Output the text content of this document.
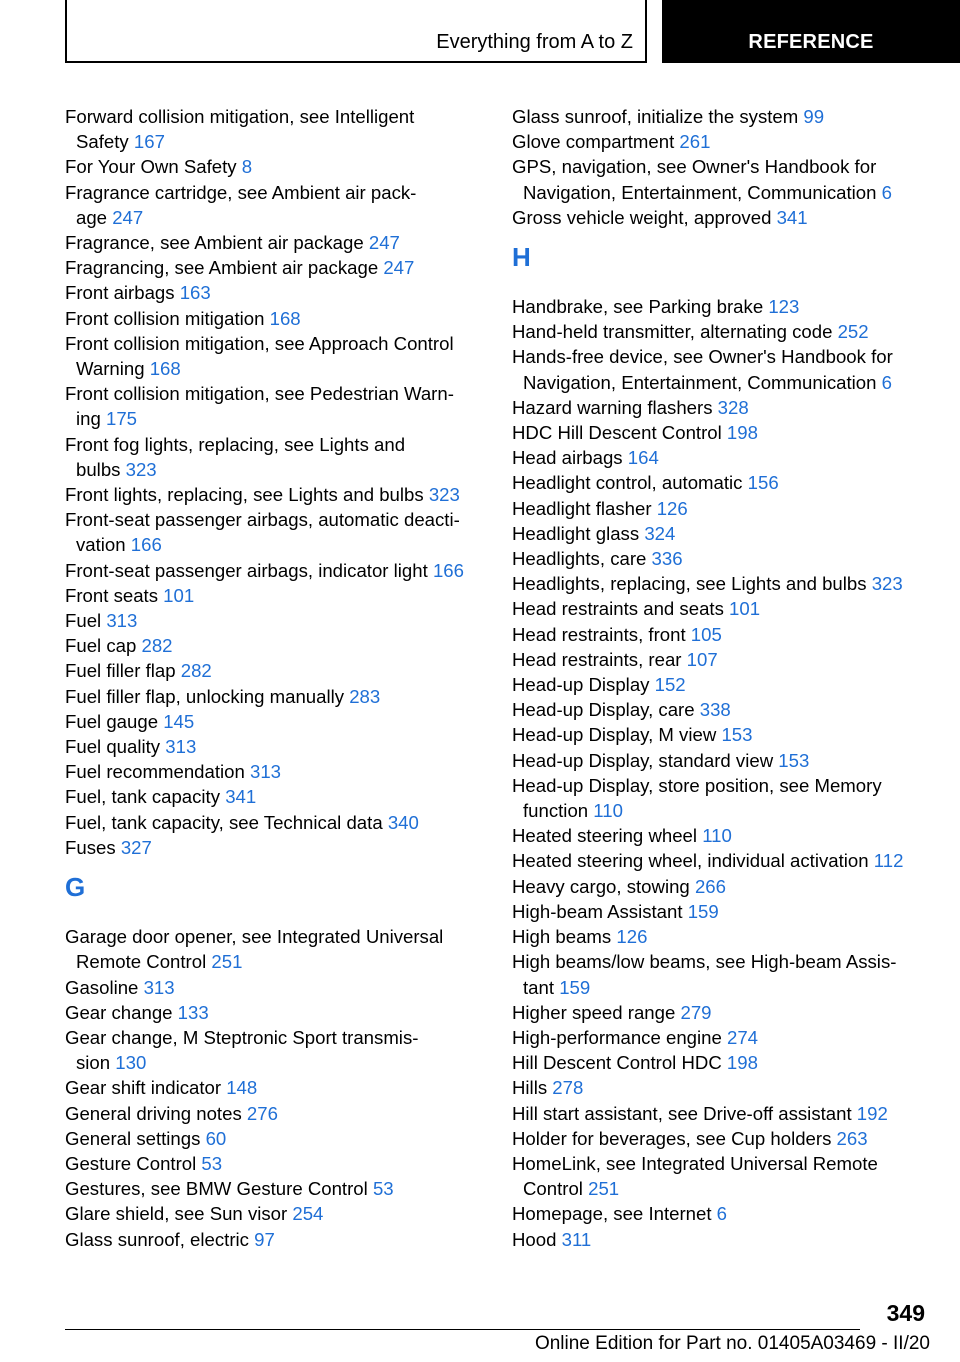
Everything from A to Z	REFERENCE
Forward collision mitigation, see Intelligent
Safety 167
For Your Own Safety 8
Fragrance cartridge, see Ambient air pack‐
age 247
Fragrance, see Ambient air package 247
Fragrancing, see Ambient air package 247
Front airbags 163
Front collision mitigation 168
Front collision mitigation, see Approach Control
Warning 168
Front collision mitigation, see Pedestrian Warn‐
ing 175
Front fog lights, replacing, see Lights and
bulbs 323
Front lights, replacing, see Lights and bulbs 323
Front-seat passenger airbags, automatic deacti‐
vation 166
Front-seat passenger airbags, indicator light 166
Front seats 101
Fuel 313
Fuel cap 282
Fuel filler flap 282
Fuel filler flap, unlocking manually 283
Fuel gauge 145
Fuel quality 313
Fuel recommendation 313
Fuel, tank capacity 341
Fuel, tank capacity, see Technical data 340
Fuses 327
G
Garage door opener, see Integrated Universal
Remote Control 251
Gasoline 313
Gear change 133
Gear change, M Steptronic Sport transmis‐
sion 130
Gear shift indicator 148
General driving notes 276
General settings 60
Gesture Control 53
Gestures, see BMW Gesture Control 53
Glare shield, see Sun visor 254
Glass sunroof, electric 97
Glass sunroof, initialize the system 99
Glove compartment 261
GPS, navigation, see Owner's Handbook for
Navigation, Entertainment, Communication 6
Gross vehicle weight, approved 341
H
Handbrake, see Parking brake 123
Hand-held transmitter, alternating code 252
Hands-free device, see Owner's Handbook for
Navigation, Entertainment, Communication 6
Hazard warning flashers 328
HDC Hill Descent Control 198
Head airbags 164
Headlight control, automatic 156
Headlight flasher 126
Headlight glass 324
Headlights, care 336
Headlights, replacing, see Lights and bulbs 323
Head restraints and seats 101
Head restraints, front 105
Head restraints, rear 107
Head-up Display 152
Head-up Display, care 338
Head-up Display, M view 153
Head-up Display, standard view 153
Head-up Display, store position, see Memory
function 110
Heated steering wheel 110
Heated steering wheel, individual activation 112
Heavy cargo, stowing 266
High-beam Assistant 159
High beams 126
High beams/low beams, see High-beam Assis‐
tant 159
Higher speed range 279
High-performance engine 274
Hill Descent Control HDC 198
Hills 278
Hill start assistant, see Drive-off assistant 192
Holder for beverages, see Cup holders 263
HomeLink, see Integrated Universal Remote
Control 251
Homepage, see Internet 6
Hood 311
349
Online Edition for Part no. 01405A03469 - II/20
